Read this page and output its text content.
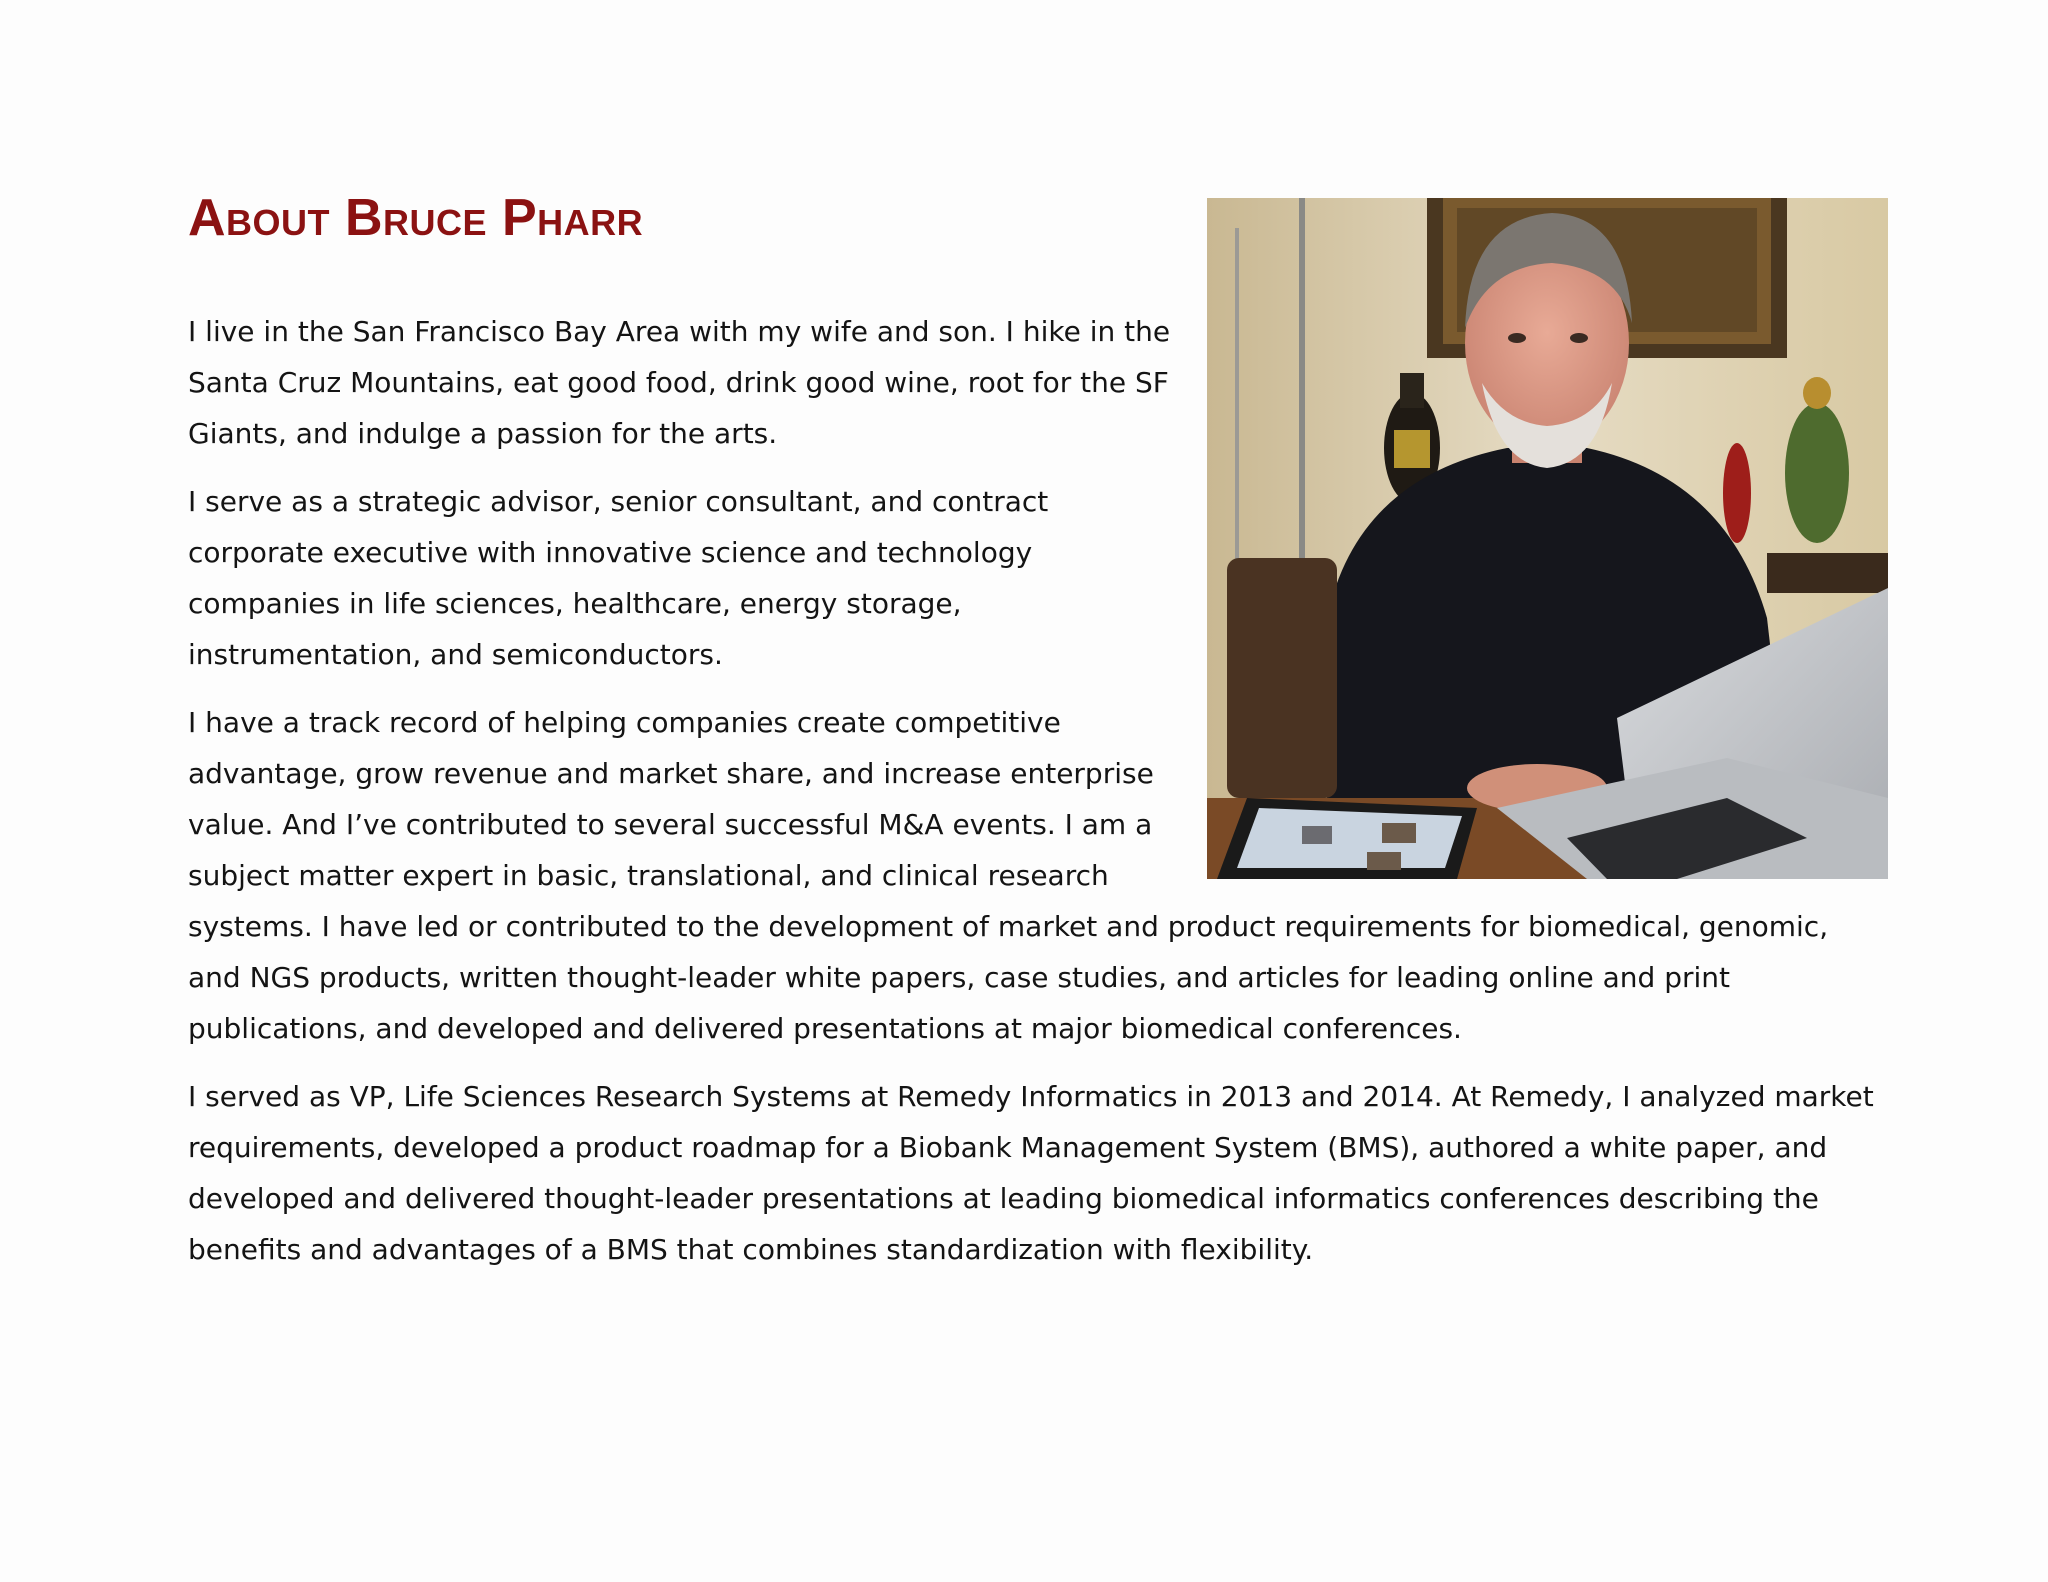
About Bruce Pharr

I live in the San Francisco Bay Area with my wife and son. I hike in the Santa Cruz Mountains, eat good food, drink good wine, root for the SF Giants, and indulge a passion for the arts.

I serve as a strategic advisor, senior consultant, and contract corporate executive with innovative science and technology companies in life sciences, healthcare, energy storage, instrumentation, and semiconductors.

I have a track record of helping companies create competitive advantage, grow revenue and market share, and increase enterprise value. And I’ve contributed to several successful M&A events. I am a subject matter expert in basic, translational, and clinical research systems. I have led or contributed to the development of market and product requirements for biomedical, genomic, and NGS products, written thought-leader white papers, case studies, and articles for leading online and print publications, and developed and delivered presentations at major biomedical conferences.

I served as VP, Life Sciences Research Systems at Remedy Informatics in 2013 and 2014. At Remedy, I analyzed market requirements, developed a product roadmap for a Biobank Management System (BMS), authored a white paper, and developed and delivered thought-leader presentations at leading biomedical informatics conferences describing the benefits and advantages of a BMS that combines standardization with flexibility.
